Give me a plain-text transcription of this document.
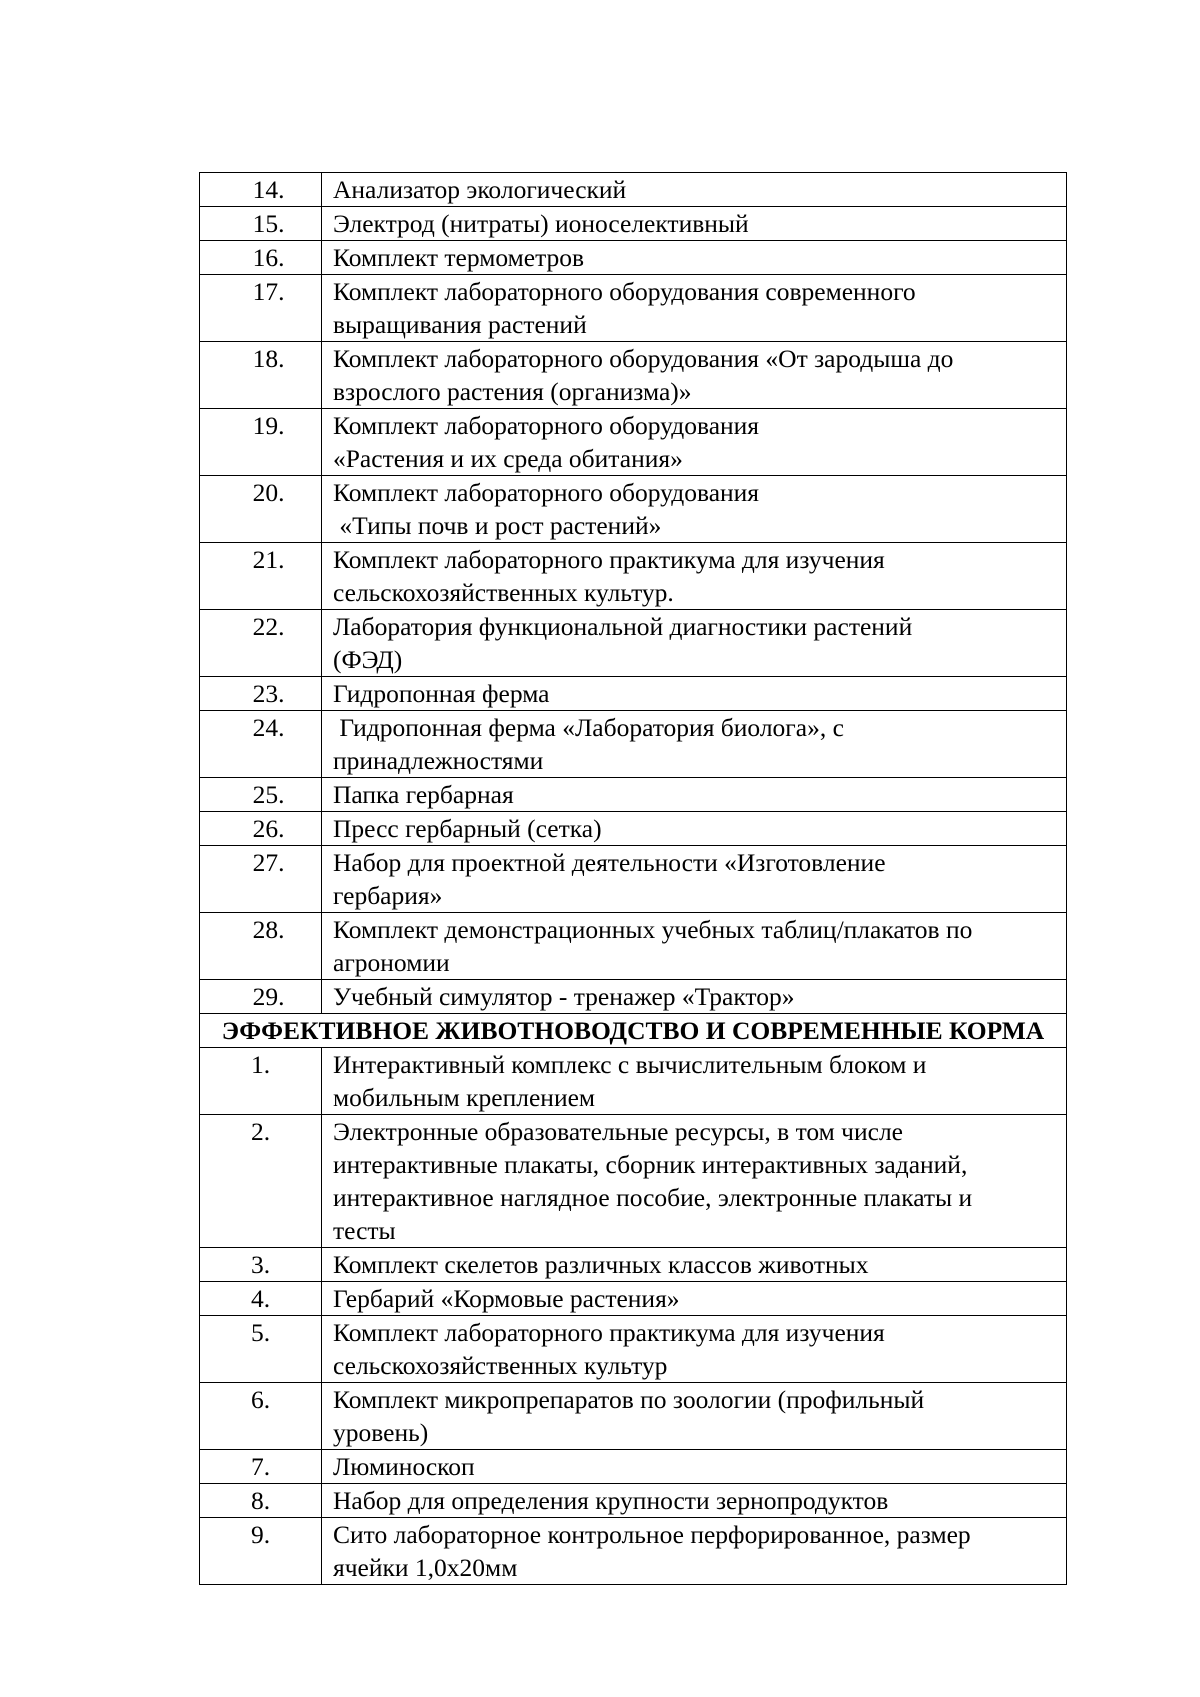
14.	Анализатор экологический
15.	Электрод (нитраты) ионоселективный
16.	Комплект термометров
17.	Комплект лабораторного оборудования современного
выращивания растений
18.	Комплект лабораторного оборудования «От зародыша до
взрослого растения (организма)»
19.	Комплект лабораторного оборудования
«Растения и их среда обитания»
20.	Комплект лабораторного оборудования
«Типы почв и рост растений»
21.	Комплект лабораторного практикума для изучения
сельскохозяйственных культур.
22.	Лаборатория функциональной диагностики растений
(ФЭД)
23.	Гидропонная ферма
24.	Гидропонная ферма «Лаборатория биолога», с
принадлежностями
25.	Папка гербарная
26.	Пресс гербарный (сетка)
27.	Набор для проектной деятельности «Изготовление
гербария»
28.	Комплект демонстрационных учебных таблиц/плакатов по
агрономии
29.	Учебный симулятор - тренажер «Трактор»
ЭФФЕКТИВНОЕ ЖИВОТНОВОДСТВО И СОВРЕМЕННЫЕ КОРМА	
1.	Интерактивный комплекс с вычислительным блоком и
мобильным креплением
2.	Электронные образовательные ресурсы, в том числе
интерактивные плакаты, сборник интерактивных заданий,
интерактивное наглядное пособие, электронные плакаты и
тесты
3.	Комплект скелетов различных классов животных
4.	Гербарий «Кормовые растения»
5.	Комплект лабораторного практикума для изучения
сельскохозяйственных культур
6.	Комплект микропрепаратов по зоологии (профильный
уровень)
7.	Люминоскоп
8.	Набор для определения крупности зернопродуктов
9.	Сито лабораторное контрольное перфорированное, размер
ячейки 1,0х20мм
